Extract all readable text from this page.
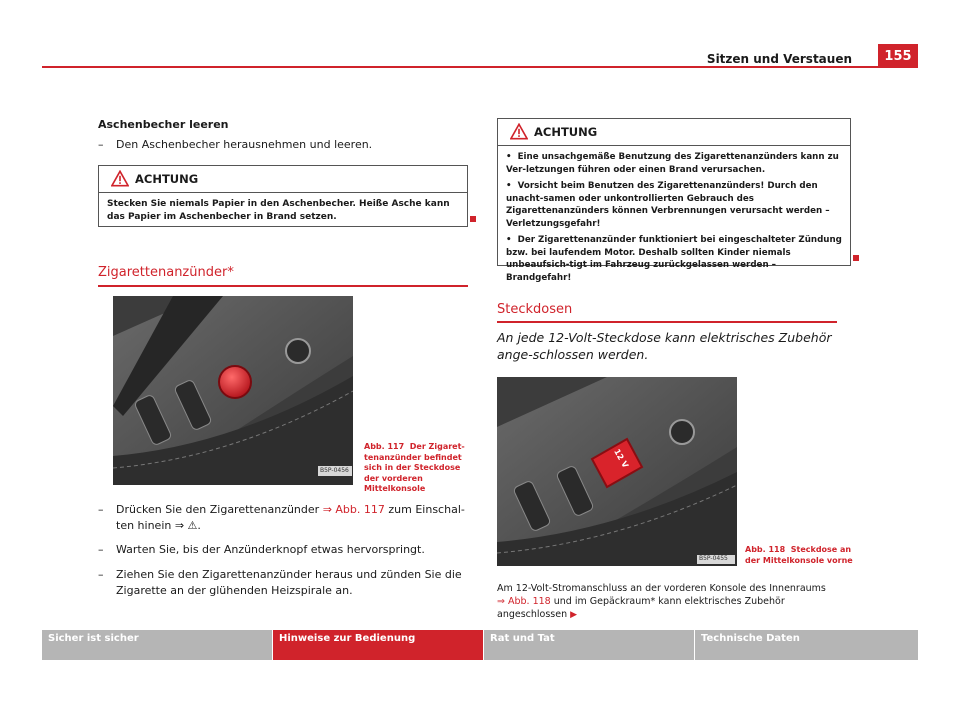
Sitzen und Verstauen	155
Aschenbecher leeren
– Den Aschenbecher herausnehmen und leeren.
ACHTUNG
Stecken Sie niemals Papier in den Aschenbecher. Heiße Asche kann das Papier im Aschenbecher in Brand setzen.
Zigarettenanzünder*
B5P-0456
Abb. 117 Der Zigaret-tenanzünder befindet sich in der Steckdose der vorderen Mittelkonsole
– Drücken Sie den Zigarettenanzünder ⇒ Abb. 117 zum Einschal-ten hinein ⇒ ⚠.
– Warten Sie, bis der Anzünderknopf etwas hervorspringt.
– Ziehen Sie den Zigarettenanzünder heraus und zünden Sie die Zigarette an der glühenden Heizspirale an.
ACHTUNG

•  Eine unsachgemäße Benutzung des Zigarettenanzünders kann zu Ver-letzungen führen oder einen Brand verursachen.

•  Vorsicht beim Benutzen des Zigarettenanzünders! Durch den unacht-samen oder unkontrollierten Gebrauch des Zigarettenanzünders können Verbrennungen verursacht werden – Verletzungsgefahr!

•  Der Zigarettenanzünder funktioniert bei eingeschalteter Zündung bzw. bei laufendem Motor. Deshalb sollten Kinder niemals unbeaufsich-tigt im Fahrzeug zurückgelassen werden – Brandgefahr!

Steckdosen
An jede 12-Volt-Steckdose kann elektrisches Zubehör ange-schlossen werden.
12 V
B5P-0455
Abb. 118 Steckdose an der Mittelkonsole vorne
Am 12-Volt-Stromanschluss an der vorderen Konsole des Innenraums
⇒ Abb. 118 und im Gepäckraum* kann elektrisches Zubehör angeschlossen ▶
Sicher ist sicher	Hinweise zur Bedienung	Rat und Tat	Technische Daten
